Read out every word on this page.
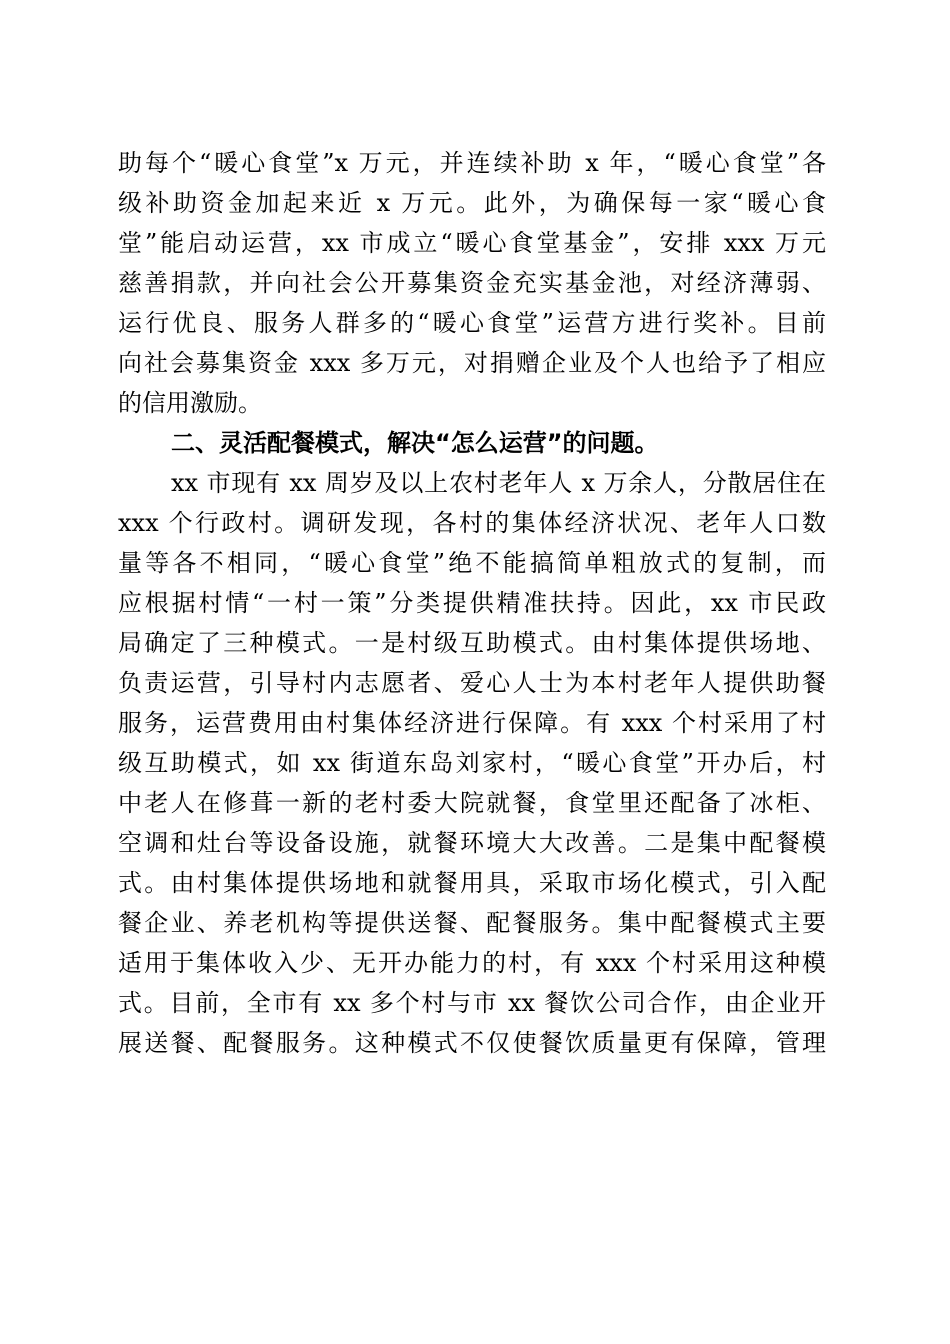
助每个“暖心食堂”x 万元，并连续补助 x 年，“暖心食堂”各
级补助资金加起来近 x 万元。此外，为确保每一家“暖心食
堂”能启动运营，xx 市成立“暖心食堂基金”，安排 xxx 万元
慈善捐款，并向社会公开募集资金充实基金池，对经济薄弱、
运行优良、服务人群多的“暖心食堂”运营方进行奖补。目前
向社会募集资金 xxx 多万元，对捐赠企业及个人也给予了相应
的信用激励。
二、灵活配餐模式，解决“怎么运营”的问题。
xx 市现有 xx 周岁及以上农村老年人 x 万余人，分散居住在
xxx 个行政村。调研发现，各村的集体经济状况、老年人口数
量等各不相同，“暖心食堂”绝不能搞简单粗放式的复制，而
应根据村情“一村一策”分类提供精准扶持。因此，xx 市民政
局确定了三种模式。一是村级互助模式。由村集体提供场地、
负责运营，引导村内志愿者、爱心人士为本村老年人提供助餐
服务，运营费用由村集体经济进行保障。有 xxx 个村采用了村
级互助模式，如 xx 街道东岛刘家村，“暖心食堂”开办后，村
中老人在修葺一新的老村委大院就餐，食堂里还配备了冰柜、
空调和灶台等设备设施，就餐环境大大改善。二是集中配餐模
式。由村集体提供场地和就餐用具，采取市场化模式，引入配
餐企业、养老机构等提供送餐、配餐服务。集中配餐模式主要
适用于集体收入少、无开办能力的村，有 xxx 个村采用这种模
式。目前，全市有 xx 多个村与市 xx 餐饮公司合作，由企业开
展送餐、配餐服务。这种模式不仅使餐饮质量更有保障，管理
